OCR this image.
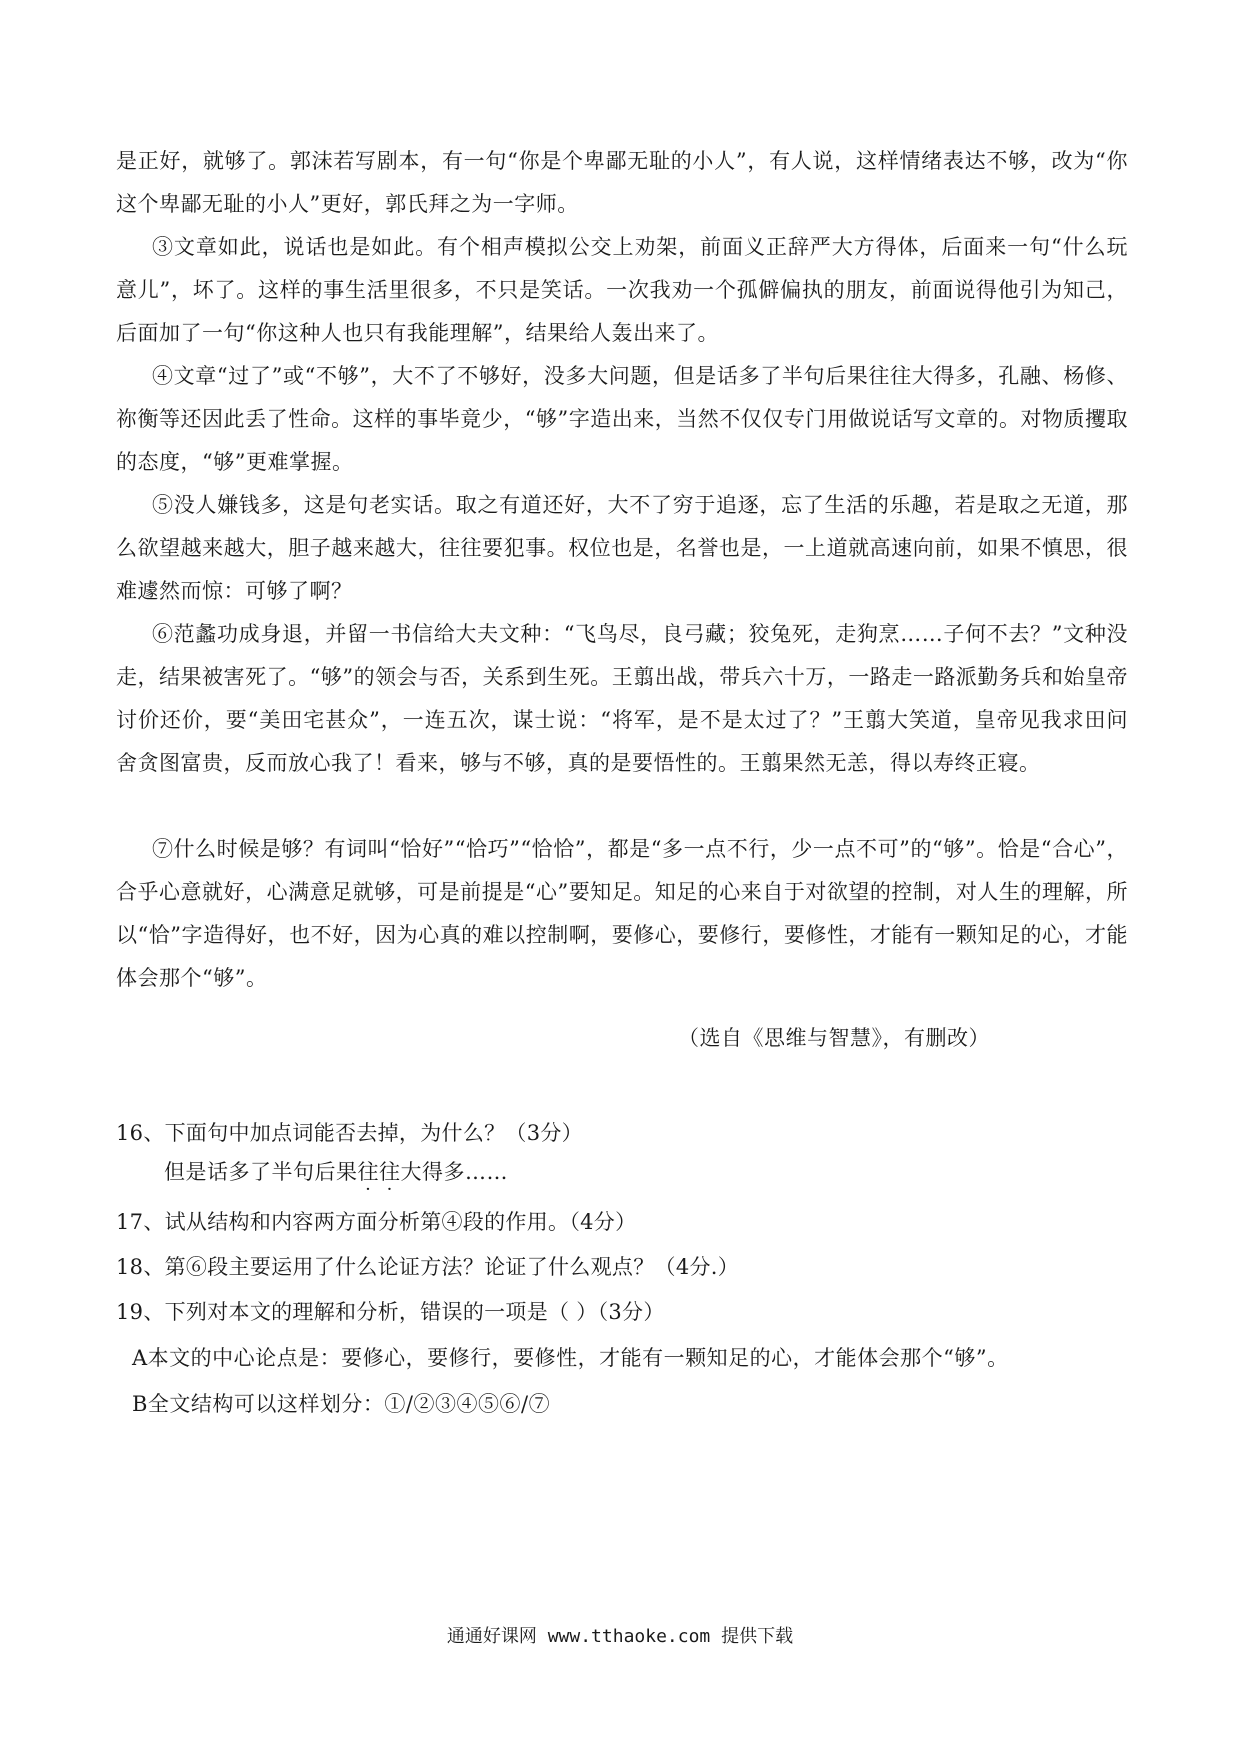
是正好，就够了。郭沫若写剧本，有一句“你是个卑鄙无耻的小人”，有人说，这样情绪表达不够，改为“你这个卑鄙无耻的小人”更好，郭氏拜之为一字师。

③文章如此，说话也是如此。有个相声模拟公交上劝架，前面义正辞严大方得体，后面来一句“什么玩意儿”，坏了。这样的事生活里很多，不只是笑话。一次我劝一个孤僻偏执的朋友，前面说得他引为知己，后面加了一句“你这种人也只有我能理解”，结果给人轰出来了。

④文章“过了”或“不够”，大不了不够好，没多大问题，但是话多了半句后果往往大得多，孔融、杨修、祢衡等还因此丢了性命。这样的事毕竟少，“够”字造出来，当然不仅仅专门用做说话写文章的。对物质攫取的态度，“够”更难掌握。

⑤没人嫌钱多，这是句老实话。取之有道还好，大不了穷于追逐，忘了生活的乐趣，若是取之无道，那么欲望越来越大，胆子越来越大，往往要犯事。权位也是，名誉也是，一上道就高速向前，如果不慎思，很难遽然而惊：可够了啊？

⑥范蠡功成身退，并留一书信给大夫文种：“飞鸟尽，良弓藏；狡兔死，走狗烹……子何不去？”文种没走，结果被害死了。“够”的领会与否，关系到生死。王翦出战，带兵六十万，一路走一路派勤务兵和始皇帝讨价还价，要“美田宅甚众”，一连五次，谋士说：“将军，是不是太过了？”王翦大笑道，皇帝见我求田问舍贪图富贵，反而放心我了！看来，够与不够，真的是要悟性的。王翦果然无恙，得以寿终正寝。

⑦什么时候是够？有词叫“恰好”“恰巧”“恰恰”，都是“多一点不行，少一点不可”的“够”。恰是“合心”，合乎心意就好，心满意足就够，可是前提是“心”要知足。知足的心来自于对欲望的控制，对人生的理解，所以“恰”字造得好，也不好，因为心真的难以控制啊，要修心，要修行，要修性，才能有一颗知足的心，才能体会那个“够”。

（选自《思维与智慧》，有删改）

16、下面句中加点词能否去掉，为什么？（3分）

但是话多了半句后果往往大得多……

17、试从结构和内容两方面分析第④段的作用。（4分）

18、第⑥段主要运用了什么论证方法？论证了什么观点？（4分.）

19、下列对本文的理解和分析，错误的一项是（ ）（3分）

A本文的中心论点是：要修心，要修行，要修性，才能有一颗知足的心，才能体会那个“够”。
B全文结构可以这样划分：①/②③④⑤⑥/⑦
通通好课网 www.tthaoke.com 提供下载
